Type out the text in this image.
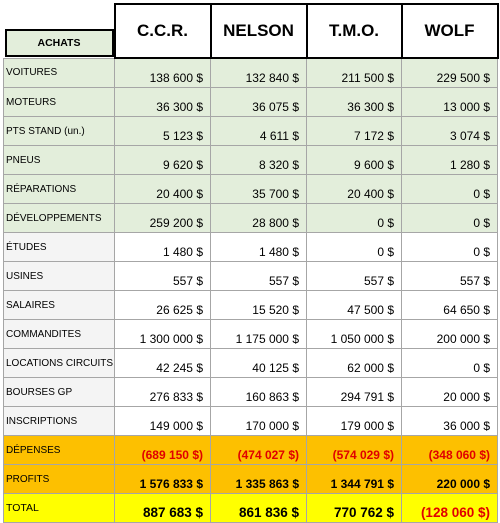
ACHATS	C.C.R.	NELSON	T.M.O.	WOLF
VOITURES	138 600 $	132 840 $	211 500 $	229 500 $
MOTEURS	36 300 $	36 075 $	36 300 $	13 000 $
PTS STAND (un.)	5 123 $	4 611 $	7 172 $	3 074 $
PNEUS	9 620 $	8 320 $	9 600 $	1 280 $
RÉPARATIONS	20 400 $	35 700 $	20 400 $	0 $
DÉVELOPPEMENTS	259 200 $	28 800 $	0 $	0 $
ÉTUDES	1 480 $	1 480 $	0 $	0 $
USINES	557 $	557 $	557 $	557 $
SALAIRES	26 625 $	15 520 $	47 500 $	64 650 $
COMMANDITES	1 300 000 $	1 175 000 $	1 050 000 $	200 000 $
LOCATIONS CIRCUITS	42 245 $	40 125 $	62 000 $	0 $
BOURSES GP	276 833 $	160 863 $	294 791 $	20 000 $
INSCRIPTIONS	149 000 $	170 000 $	179 000 $	36 000 $
DÉPENSES	(689 150 $)	(474 027 $)	(574 029 $)	(348 060 $)
PROFITS	1 576 833 $	1 335 863 $	1 344 791 $	220 000 $
TOTAL	887 683 $	861 836 $	770 762 $	(128 060 $)
